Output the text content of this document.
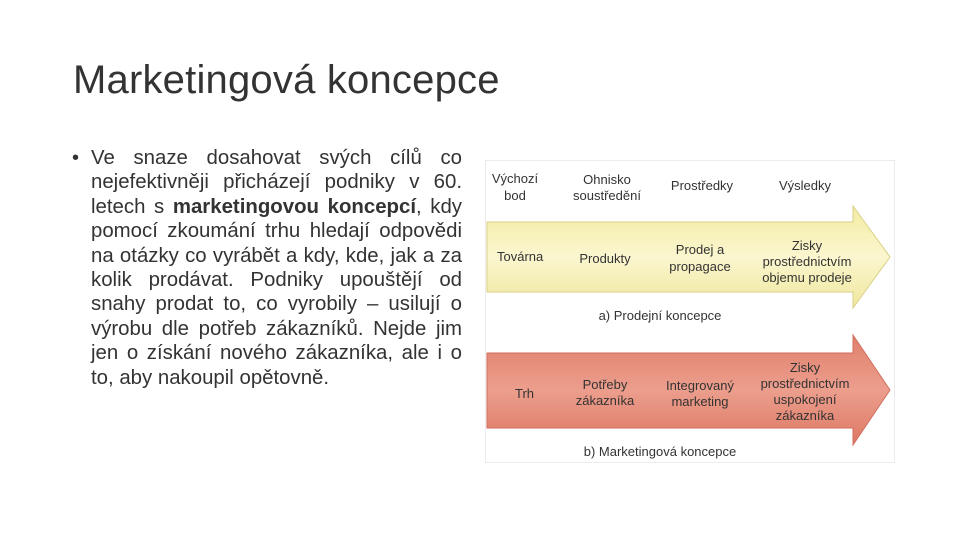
Marketingová koncepce
• Ve snaze dosahovat svých cílů co nejefektivněji přicházejí podniky v 60. letech s marketingovou koncepcí, kdy pomocí zkoumání trhu hledají odpovědi na otázky co vyrábět a kdy, kde, jak a za kolik prodávat. Podniky upouštějí od snahy prodat to, co vyrobily – usilují o výrobu dle potřeb zákazníků. Nejde jim jen o získání nového zákazníka, ale i o to, aby nakoupil opětovně.
Výchozí
bod
Ohnisko
soustředění
Prostředky	Výsledky
Továrna	Produkty
Prodej a
propagace
Zisky
prostřednictvím
objemu prodeje
a) Prodejní koncepce
Trh
Potřeby
zákazníka
Integrovaný
marketing
Zisky
prostřednictvím
uspokojení
zákazníka
b) Marketingová koncepce
